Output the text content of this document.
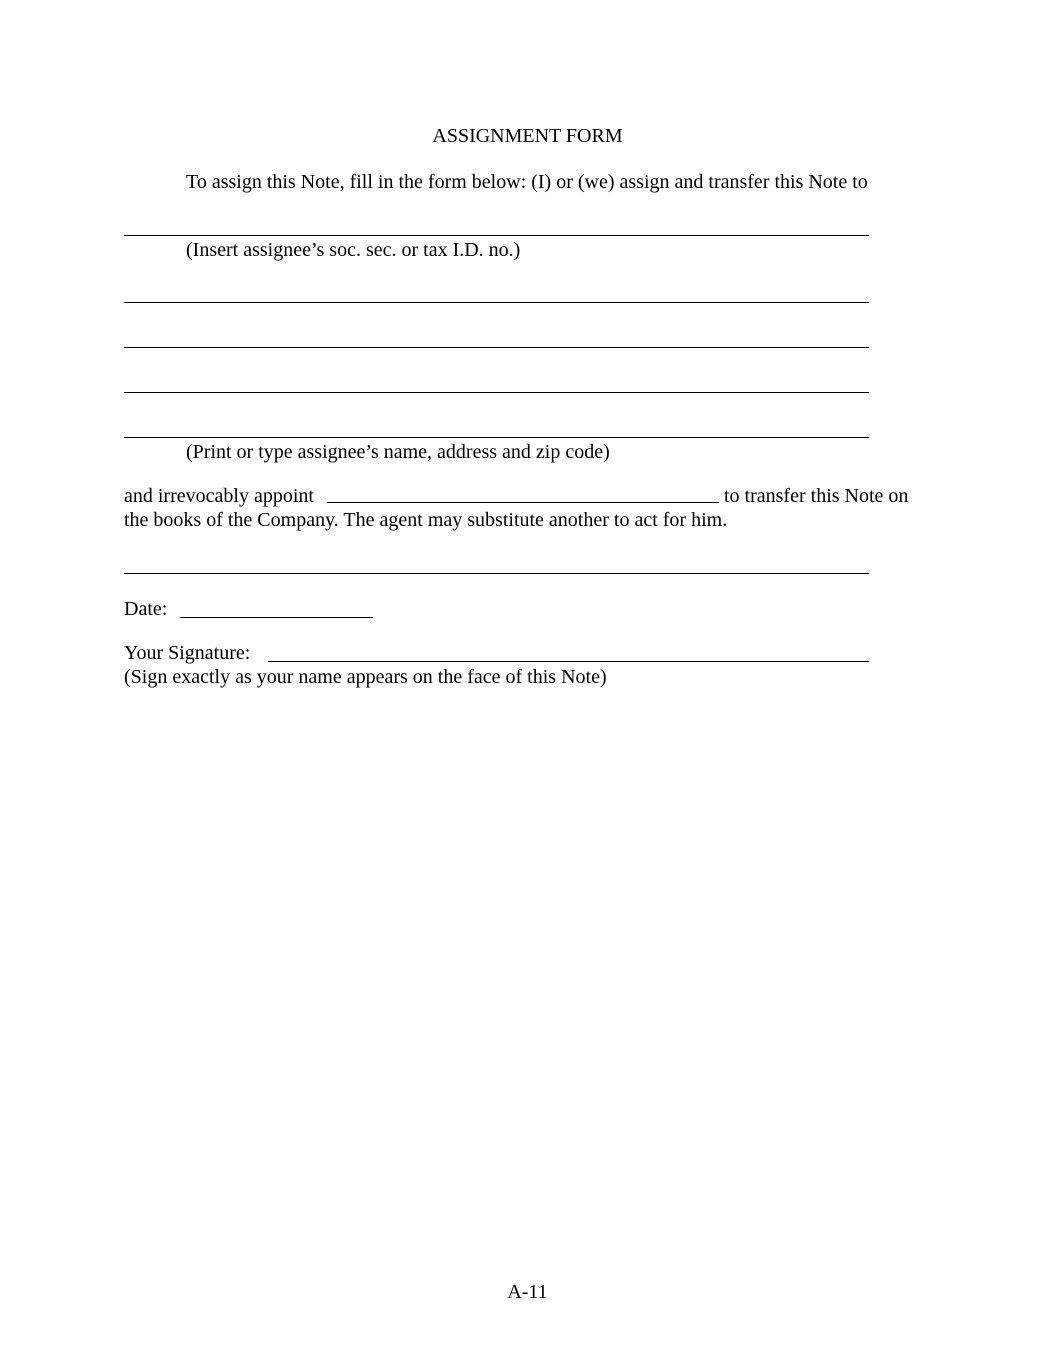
ASSIGNMENT FORM
To assign this Note, fill in the form below: (I) or (we) assign and transfer this Note to
(Insert assignee’s soc. sec. or tax I.D. no.)
(Print or type assignee’s name, address and zip code)
and irrevocably appoint	to transfer this Note on
the books of the Company. The agent may substitute another to act for him.
Date:
Your Signature:
(Sign exactly as your name appears on the face of this Note)
A-11
